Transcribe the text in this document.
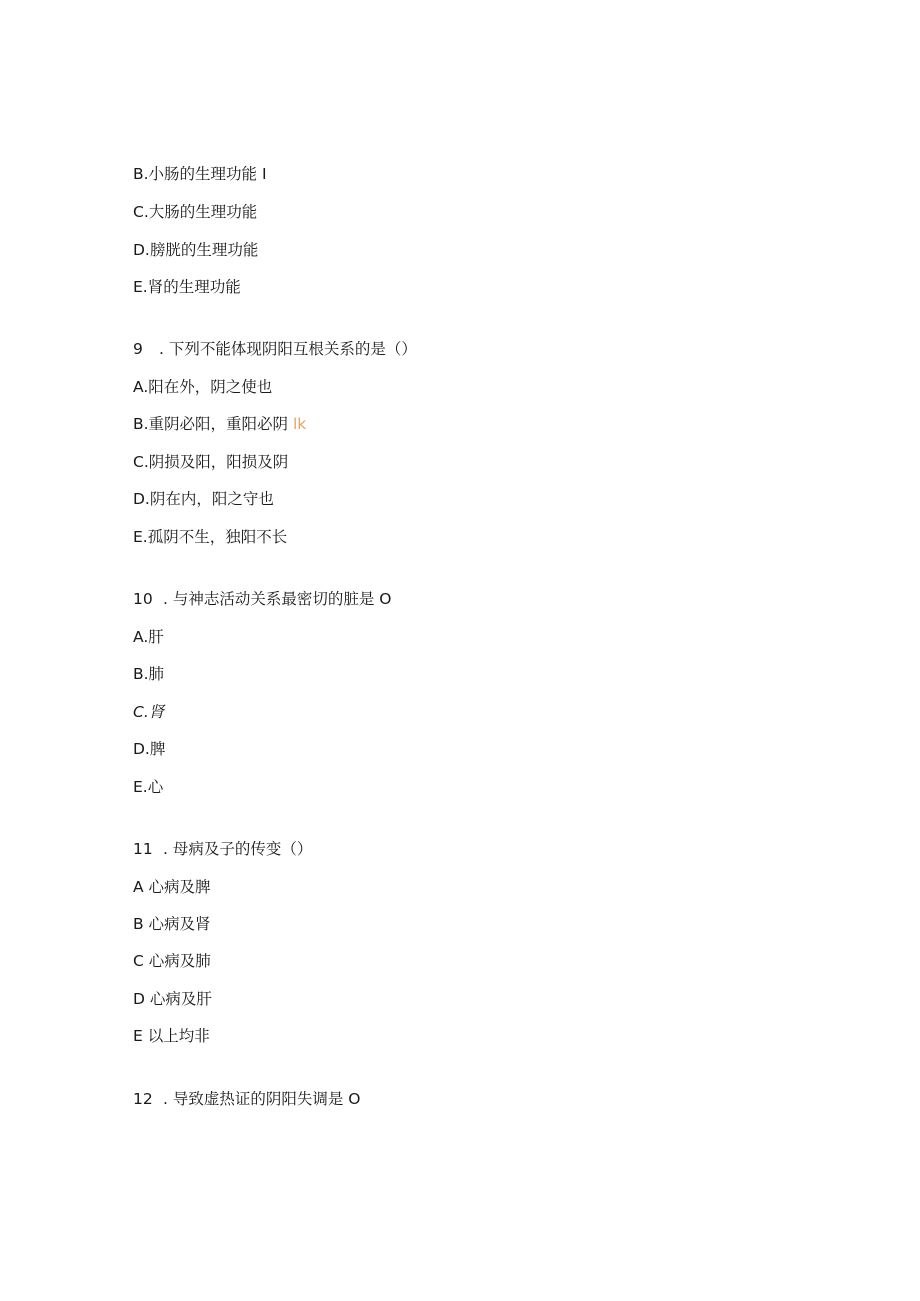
B.小肠的生理功能 I
C.大肠的生理功能
D.膀胱的生理功能
E.肾的生理功能
9 . 下列不能体现阴阳互根关系的是（）
A.阳在外，阴之使也
B.重阴必阳，重阳必阴 lk
C.阴损及阳，阳损及阴
D.阴在内，阳之守也
E.孤阴不生，独阳不长
10 . 与神志活动关系最密切的脏是 O
A.肝
B.肺
C.肾
D.脾
E.心
11 . 母病及子的传变（）
A 心病及脾
B 心病及肾
C 心病及肺
D 心病及肝
E 以上均非
12 . 导致虚热证的阴阳失调是 O
